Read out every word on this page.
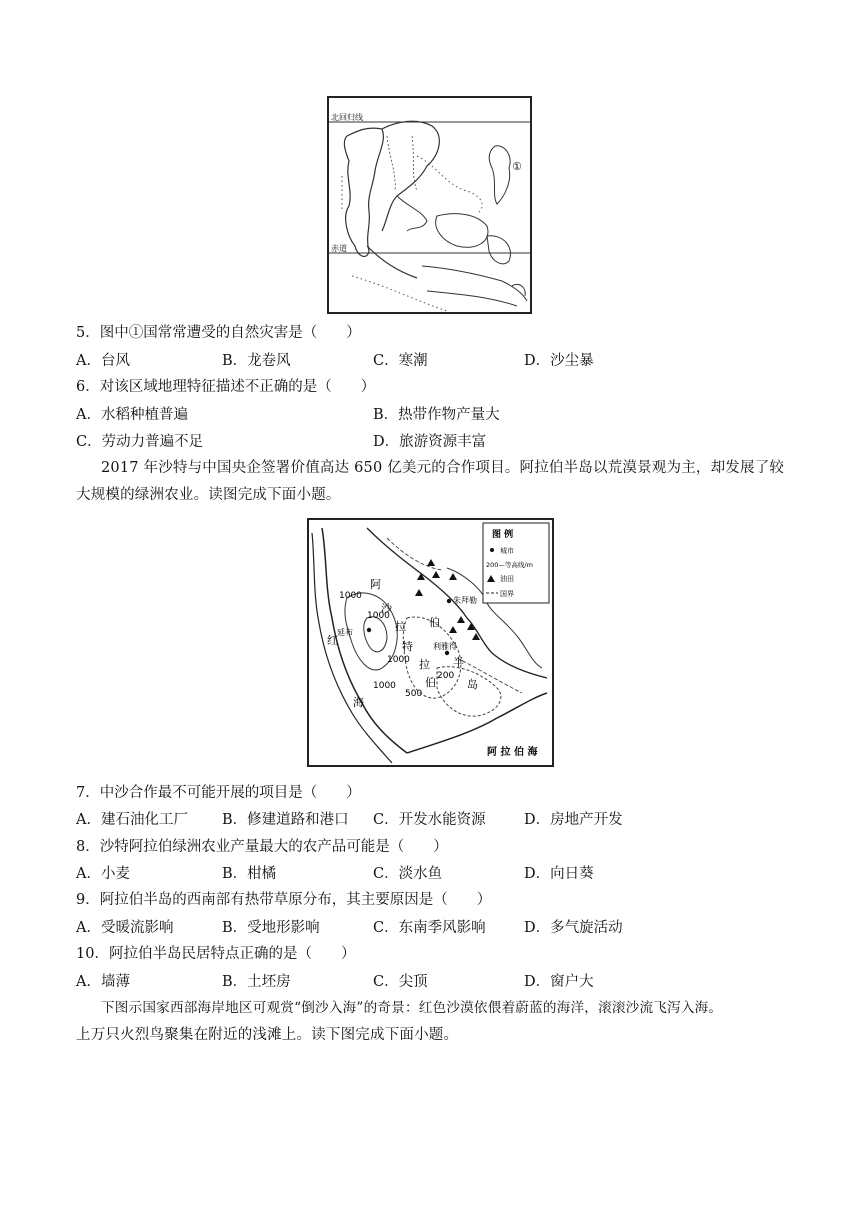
北回归线
赤道
①
5．图中①国常常遭受的自然灾害是（　　）
A．台风	B．龙卷风	C．寒潮	D．沙尘暴
6．对该区域地理特征描述不正确的是（　　）
A．水稻种植普遍	B．热带作物产量大
C．劳动力普遍不足	D．旅游资源丰富
2017 年沙特与中国央企签署价值高达 650 亿美元的合作项目。阿拉伯半岛以荒漠景观为主，却发展了较
大规模的绿洲农业。读图完成下面小题。
图 例
城市
200—等高线/m
油田
国界
阿
沙
拉 伯
特
拉
伯
半
岛
红
海
阿 拉 伯 海
朱拜勒
延布
利雅得
1000
1000
1000
1000
500
200
7．中沙合作最不可能开展的项目是（　　）
A．建石油化工厂 B．修建道路和港口 C．开发水能资源	D．房地产开发
8．沙特阿拉伯绿洲农业产量最大的农产品可能是（　　）
A．小麦	B．柑橘	C．淡水鱼	D．向日葵
9．阿拉伯半岛的西南部有热带草原分布，其主要原因是（　　）
A．受暖流影响	B．受地形影响	C．东南季风影响	D．多气旋活动
10．阿拉伯半岛民居特点正确的是（　　）
A．墙薄	B．土坯房	C．尖顶	D．窗户大
下图示国家西部海岸地区可观赏“倒沙入海”的奇景：红色沙漠依偎着蔚蓝的海洋，滚滚沙流飞泻入海。
上万只火烈鸟聚集在附近的浅滩上。读下图完成下面小题。
